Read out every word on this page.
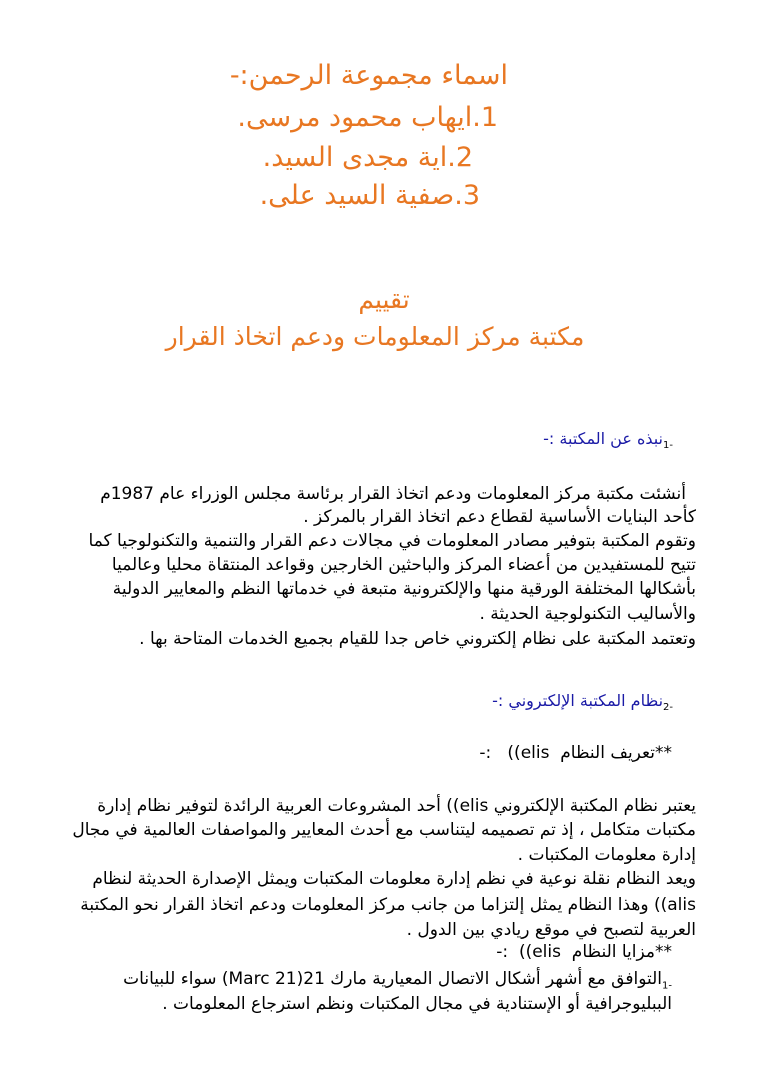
اسماء مجموعة الرحمن:-
1.ايهاب محمود مرسى.
2.اية مجدى السيد.
3.صفية السيد على.
تقييم
مكتبة مركز المعلومات ودعم اتخاذ القرار
$_{-1}$نبذه عن المكتبة :-
أنشئت مكتبة مركز المعلومات ودعم اتخاذ القرار برئاسة مجلس الوزراء عام 1987م
كأحد البنايات الأساسية لقطاع دعم اتخاذ القرار بالمركز .
وتقوم المكتبة بتوفير مصادر المعلومات في مجالات دعم القرار والتنمية والتكنولوجيا كما
تتيح للمستفيدين من أعضاء المركز والباحثين الخارجين وقواعد المنتقاة محليا وعالميا
بأشكالها المختلفة الورقية منها والإلكترونية متبعة في خدماتها النظم والمعايير الدولية
والأساليب التكنولوجية الحديثة .
وتعتمد المكتبة على نظام إلكتروني خاص جدا للقيام بجميع الخدمات المتاحة بها .
$_{-2}$نظام المكتبة الإلكتروني :-
**تعريف النظام  elis))   :-
يعتبر نظام المكتبة الإلكتروني elis)) أحد المشروعات العربية الرائدة لتوفير نظام إدارة
مكتبات متكامل ، إذ تم تصميمه ليتناسب مع أحدث المعايير والمواصفات العالمية في مجال
إدارة معلومات المكتبات .
ويعد النظام نقلة نوعية في نظم إدارة معلومات المكتبات ويمثل الإصدارة الحديثة لنظام
alis)) وهذا النظام يمثل إلتزاما من جانب مركز المعلومات ودعم اتخاذ القرار نحو المكتبة
العربية لتصبح في موقع ريادي بين الدول .
**مزايا النظام  elis))  :-
$_{-1}$التوافق مع أشهر أشكال الاتصال المعيارية مارك 21(Marc 21) سواء للبيانات
الببليوجرافية أو الإستنادية في مجال المكتبات ونظم استرجاع المعلومات .
